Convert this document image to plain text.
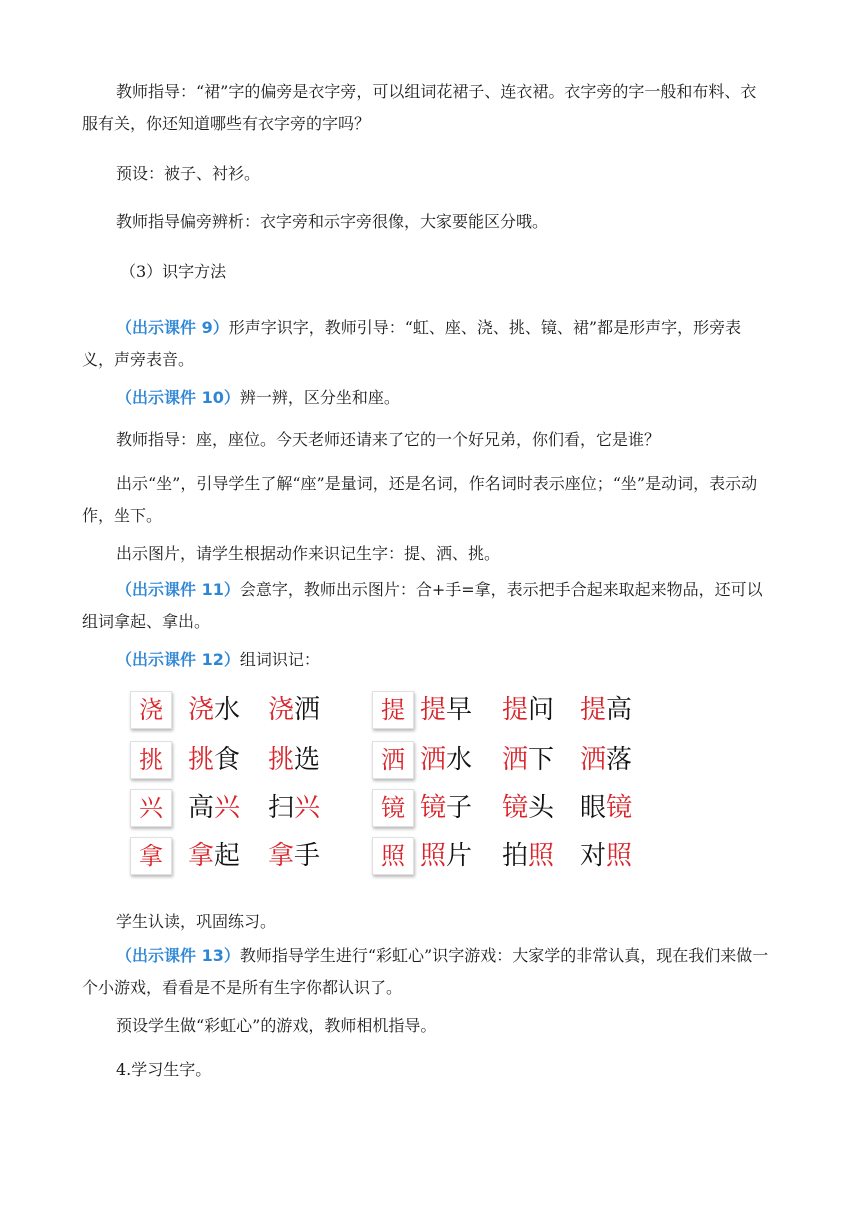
教师指导：“裙”字的偏旁是衣字旁，可以组词花裙子、连衣裙。衣字旁的字一般和布料、衣服有关，你还知道哪些有衣字旁的字吗？

预设：被子、衬衫。

教师指导偏旁辨析：衣字旁和示字旁很像，大家要能区分哦。

（3）识字方法

（出示课件 9）形声字识字，教师引导：“虹、座、浇、挑、镜、裙”都是形声字，形旁表义，声旁表音。

（出示课件 10）辨一辨，区分坐和座。

教师指导：座，座位。今天老师还请来了它的一个好兄弟，你们看，它是谁？

出示“坐”，引导学生了解“座”是量词，还是名词，作名词时表示座位；“坐”是动词，表示动作，坐下。

出示图片，请学生根据动作来识记生字：提、洒、挑。

（出示课件 11）会意字，教师出示图片：合+手=拿，表示把手合起来取起来物品，还可以组词拿起、拿出。

（出示课件 12）组词识记：

浇 浇水 浇洒	提 提早 提问 提高
挑 挑食 挑选	洒 洒水 洒下 洒落
兴 高兴 扫兴	镜 镜子 镜头 眼镜
拿 拿起 拿手	照 照片 拍照 对照

学生认读，巩固练习。

（出示课件 13）教师指导学生进行“彩虹心”识字游戏：大家学的非常认真，现在我们来做一个小游戏，看看是不是所有生字你都认识了。

预设学生做“彩虹心”的游戏，教师相机指导。

4.学习生字。
